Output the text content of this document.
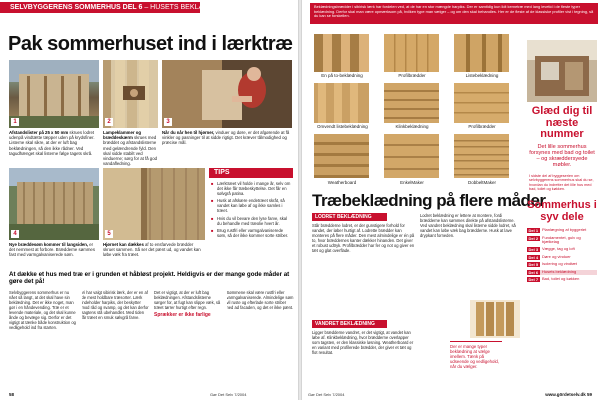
SELVBYGGERENS SOMMERHUS DEL 6 – HUSETS BEKLÆDNING
Pak sommerhuset ind i lærktræ
1	2	3
Afstandslister på 25 x 50 mm skrues lodret udenpå vindtætte tæpper uden på krydsfiner. Listerne skal sikre, at der er luft bag beklædningen, så den ikke rådner. Ved tagudhænget skal listerne følge tagets skrå.
Lampeklammer og bræddeskærm skrues med bræddet og afstandslisterne med gelændrende fyld. Den skal sidde stabilt ved vinduerne; sørg for at få god vandafledning.
Når du når hen til hjørner, vinduer og døre, er det afgørende at få vinkler og pasninger til at sidde rigtigt. Det kræver tålmodighed og præcise mål.
4	5
Nye bræddesøm kommer til langsiden, er det nemmest at forbore. Brædderne sømmes fast med varmgalvaniserede søm.
Hjørnet kan dækkes af to ensfarvede brædder skruet sammen. Så ser det pænt ud, og vandet kan løbe væk fra træet.
TIPS

■ Lærktræet vil holde i mange år, selv om det ikke får træbeskyttelse. Det får en sølvgrå patina.

■ Husk at afskære endetræet skråt, så vandet kan løbe af og ikke samles i træet.

■ Hvis du vil bevare den lyse farve, skal du behandle med træolie hvert år.

■ Brug rustfri eller varmgalvaniserede søm, så der ikke kommer sorte striber.

At dække et hus med træ er i grunden et håbløst projekt. Heldigvis er der mange gode måder at gøre det på!
Selvbyggerens sommerhus er nu nået så langt, at det skal have sin beklædning. Det er ikke noget, man gør i en håndevending. Træ er et levende materiale, og det skal kunne ånde og bevæge sig. Derfor er det vigtigt at tænke både konstruktion og vedligehold ind fra starten.
Vi har valgt sibirisk lærk, der er en af de mest holdbare træsorter. Lærk indeholder harpiks, der beskytter mod råd og svamp, og det kan derfor sagtens stå ubehandlet. Med tiden får træet en smuk sølvgrå farve.
Det er vigtigt, at der er luft bag beklædningen. Afstandslisterne sørger for, at fugt kan slippe væk, så træet tørrer hurtigt efter regn.
Sprækker er ikke farlige
Sømmene skal være rustfri eller varmgalvaniserede. Almindelige søm vil ruste og efterlade sorte striber ned ad facaden, og det er ikke pænt.
58	Gør Det Selv 7/2004
Beklædningsbrædder i sibirisk lærk har fordelen ved, at de har en stor mængde harpiks. Der er samtidig kun lidt kernetræ med lang levetid i de fleste typer beklædning. Derfor skal man være opmærksom på, hvilken type man vælger – og om den skal behandles. Her er de fleste af de klassiske profiler vist i tegning, så du kan se forskellen.
En på to-beklædning	Profilbrædder	Listebeklædning
Omvendt listebeklædning	Klinkbeklædning	Profilbrædder
Weatherboard	EnkelMaker	DobbeltMaker
Træbeklædning på flere måder
LODRET BEKLÆDNING
Står brædderne lodret, er der gunstigere forhold for vandet, der løber hurtigt af. Lodrette brædder kan monteres på flere måder. Den mest almindelige er én på to, hvor bræddernes kanter dækker hinanden. Det giver et robust udtryk. Profilbrædder har fer og not og giver en tæt og glat overflade.
VANDRET BEKLÆDNING
Ligger brædderne vandret, er det vigtigt, at vandet kan løbe af. Klinkbeklædning, hvor brædderne overlapper som tagsten, er den klassiske løsning. Weatherboard er en variant med profilerede brædder, der giver et tæt og flot resultat.
Lodret beklædning er lettere at montere, fordi brædderne kan sømmes direkte på afstandslisterne. Ved vandret beklædning skal listerne sidde lodret, så vandet kan løbe væk bag brædderne. Husk at lave drypkant forneden.
Der er mange typer beklædning at vælge imellem. Tænk på udseende og vedligehold, når du vælger.
Glæd dig til næste nummer
Det lille sommerhus forsynes med bad og toilet – og skræddersyede møbler.
I sidste del af byggeserien om selvbyggerens sommerhus skal du se, hvordan du indretter det lille hus med bad, toilet og køkken.
Sommerhus i syv dele
Del 1 Planlægning af byggeriet
Del 2 Fundamentet, gulv og bjælkelag
Del 3 Vægge, tag og loft
Del 4 Døre og vinduer
Del 5 Isolering og vindtæt
Del 6 Husets beklædning
Del 7 Bad, toilet og køkken
Gør Det Selv 7/2004	www.gördetselv.dk 59
